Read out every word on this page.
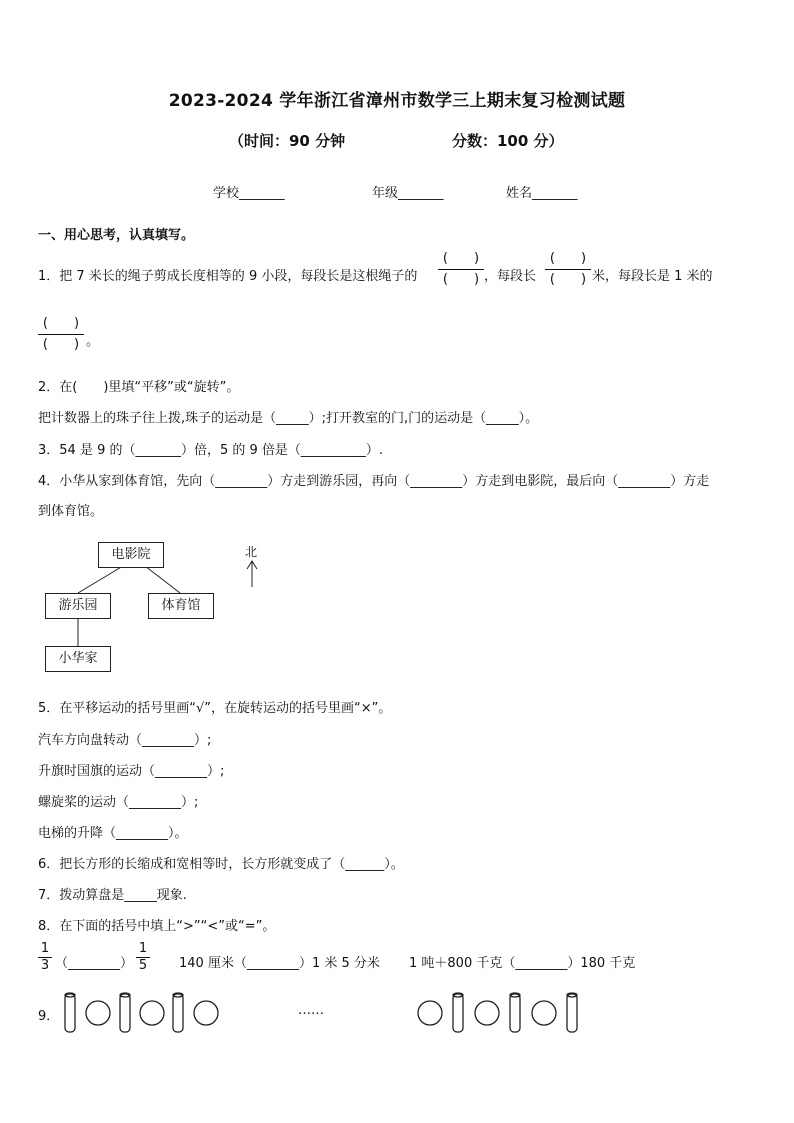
2023-2024 学年浙江省漳州市数学三上期末复习检测试题
（时间：90 分钟	分数：100 分）
学校_______	年级_______	姓名_______
一、用心思考，认真填写。
1．把 7 米长的绳子剪成长度相等的 9 小段，每段长是这根绳子的
(　　)
(　　) ，每段长
(　　)
(　　) 米，每段长是 1 米的
(　　)
(　　) 。
2．在(　　)里填“平移”或“旋转”。
把计数器上的珠子往上拨,珠子的运动是（_____）;打开教室的门,门的运动是（_____）。
3．54 是 9 的（_______）倍，5 的 9 倍是（__________）.
4．小华从家到体育馆，先向（________）方走到游乐园，再向（________）方走到电影院，最后向（________）方走
到体育馆。
电影院
游乐园	体育馆
小华家
北
5．在平移运动的括号里画“√”，在旋转运动的括号里画“×”。
汽车方向盘转动（________）;
升旗时国旗的运动（________）;
螺旋桨的运动（________）;
电梯的升降（________）。
6．把长方形的长缩成和宽相等时，长方形就变成了（______）。
7．拨动算盘是_____现象.
8．在下面的括号中填上“>”“<”或“=”。
1
3 （________）
1
5 140 厘米（________）1 米 5 分米 1 吨＋800 千克（________）180 千克
9．	……
